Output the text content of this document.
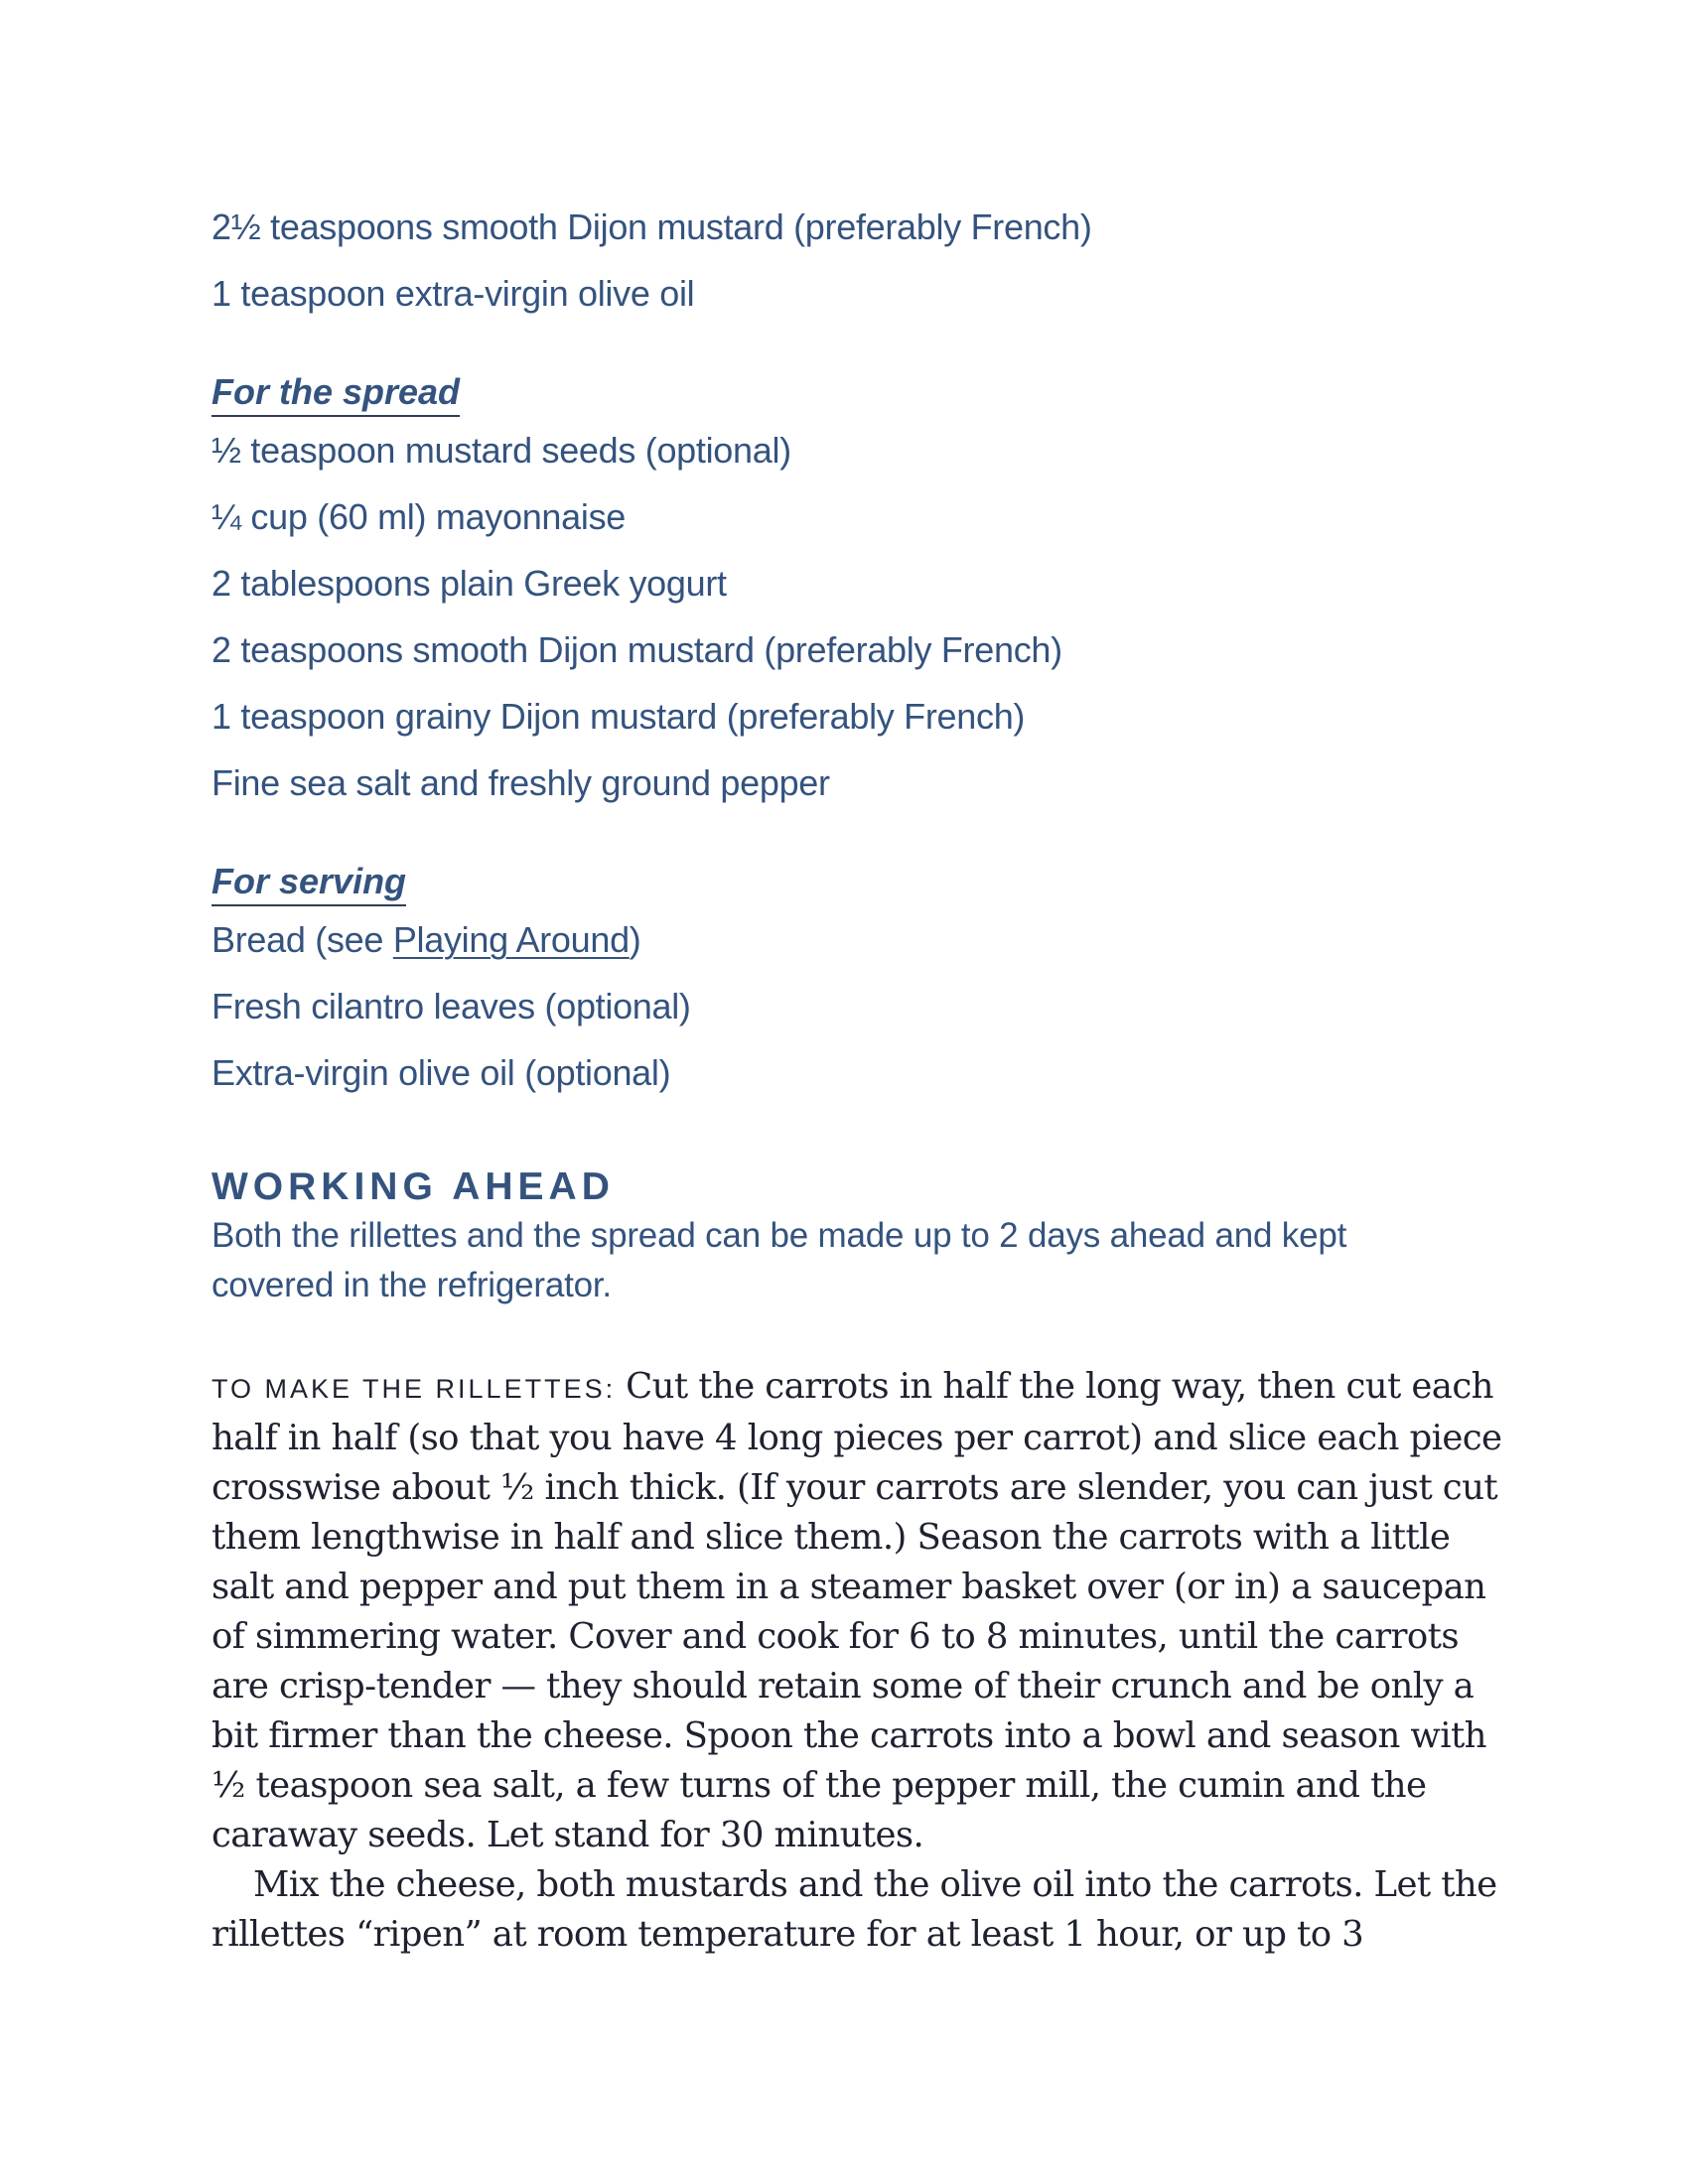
2½ teaspoons smooth Dijon mustard (preferably French)
1 teaspoon extra-virgin olive oil
For the spread
½ teaspoon mustard seeds (optional)
¼ cup (60 ml) mayonnaise
2 tablespoons plain Greek yogurt
2 teaspoons smooth Dijon mustard (preferably French)
1 teaspoon grainy Dijon mustard (preferably French)
Fine sea salt and freshly ground pepper
For serving
Bread (see Playing Around)
Fresh cilantro leaves (optional)
Extra-virgin olive oil (optional)
WORKING AHEAD
Both the rillettes and the spread can be made up to 2 days ahead and kept covered in the refrigerator.

TO MAKE THE RILLETTES: Cut the carrots in half the long way, then cut each half in half (so that you have 4 long pieces per carrot) and slice each piece crosswise about ½ inch thick. (If your carrots are slender, you can just cut them lengthwise in half and slice them.) Season the carrots with a little salt and pepper and put them in a steamer basket over (or in) a saucepan of simmering water. Cover and cook for 6 to 8 minutes, until the carrots are crisp-tender — they should retain some of their crunch and be only a bit firmer than the cheese. Spoon the carrots into a bowl and season with ½ teaspoon sea salt, a few turns of the pepper mill, the cumin and the caraway seeds. Let stand for 30 minutes.

Mix the cheese, both mustards and the olive oil into the carrots. Let the rillettes “ripen” at room temperature for at least 1 hour, or up to 3
